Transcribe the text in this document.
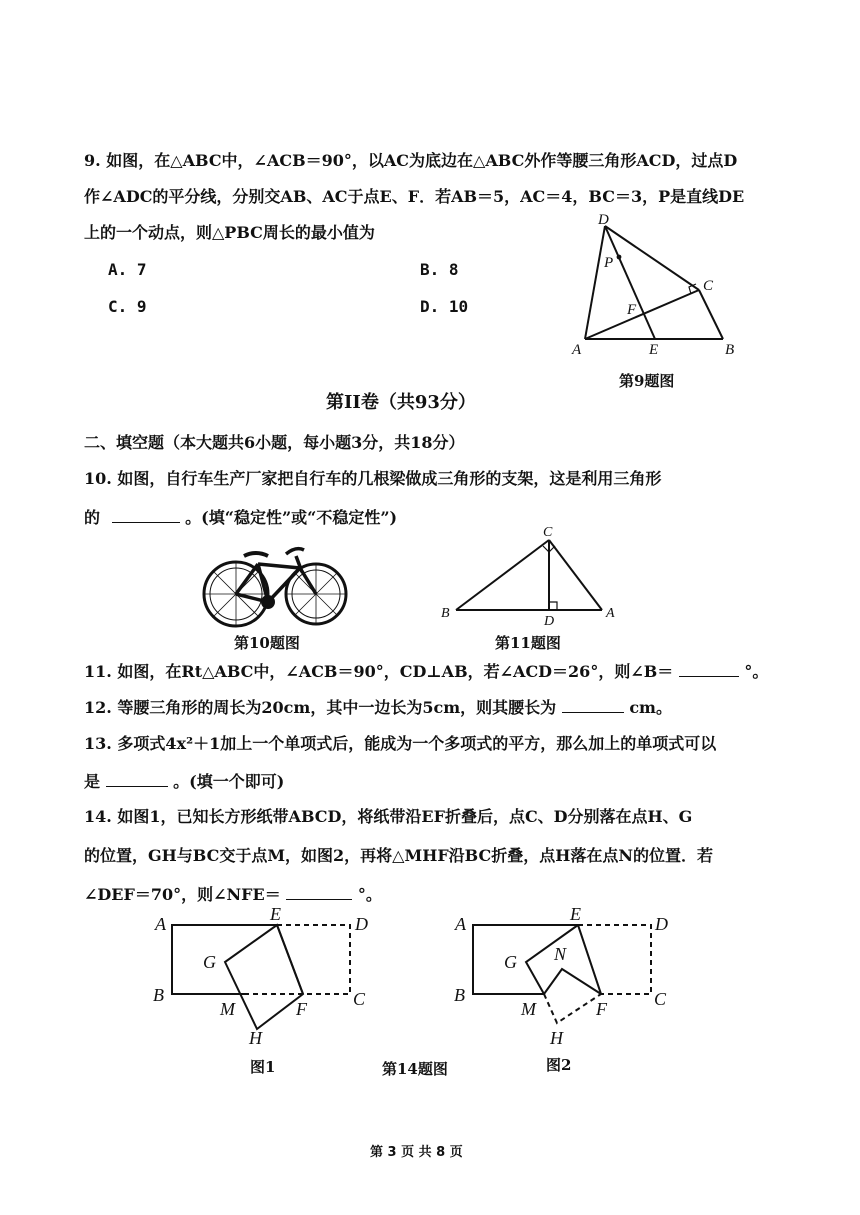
9. 如图，在△ABC中，∠ACB＝90°，以AC为底边在△ABC外作等腰三角形ACD，过点D
作∠ADC的平分线，分别交AB、AC于点E、F．若AB＝5，AC＝4，BC＝3，P是直线DE
上的一个动点，则△PBC周长的最小值为
A. 7	B. 8
C. 9	D. 10
D
P
C
F
A	E	B
第9题图
第II卷（共93分）
二、填空题（本大题共6小题，每小题3分，共18分）
10. 如图，自行车生产厂家把自行车的几根梁做成三角形的支架，这是利用三角形
的	。(填“稳定性”或“不稳定性”)
第10题图
C
B
D
A
第11题图
11. 如图，在Rt△ABC中，∠ACB＝90°，CD⊥AB，若∠ACD＝26°，则∠B＝	°。
12. 等腰三角形的周长为20cm，其中一边长为5cm，则其腰长为	cm。
13. 多项式4x²＋1加上一个单项式后，能成为一个多项式的平方，那么加上的单项式可以
是	。(填一个即可)
14. 如图1，已知长方形纸带ABCD，将纸带沿EF折叠后，点C、D分别落在点H、G
的位置，GH与BC交于点M，如图2，再将△MHF沿BC折叠，点H落在点N的位置．若
∠DEF＝70°，则∠NFE＝	°。
A	E	D
G
B
M	F	C
H
图1
A	E	D
N
G
B
M	F	C
H
图2
第14题图
第 3 页 共 8 页
